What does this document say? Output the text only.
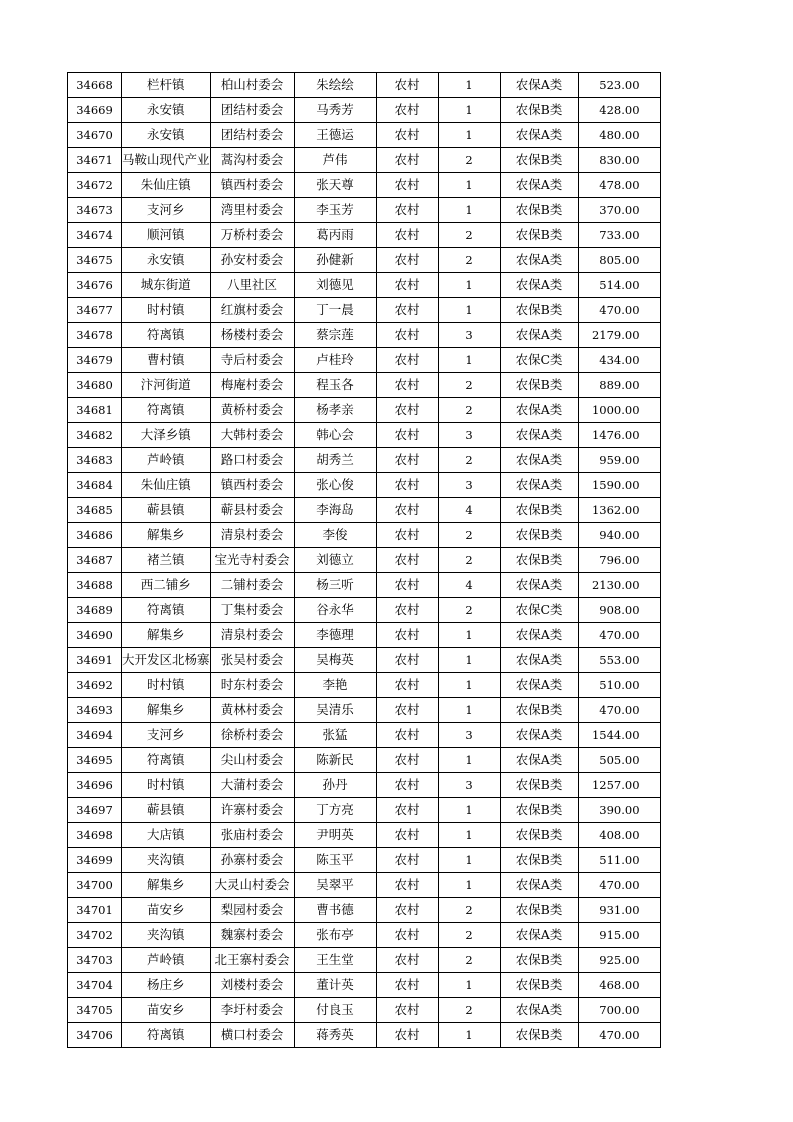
34668	栏杆镇	柏山村委会	朱绘绘	农村	1	农保A类	523.00
34669	永安镇	团结村委会	马秀芳	农村	1	农保B类	428.00
34670	永安镇	团结村委会	王德运	农村	1	农保A类	480.00
34671	马鞍山现代产业	蒿沟村委会	芦伟	农村	2	农保B类	830.00
34672	朱仙庄镇	镇西村委会	张天尊	农村	1	农保A类	478.00
34673	支河乡	湾里村委会	李玉芳	农村	1	农保B类	370.00
34674	顺河镇	万桥村委会	葛丙雨	农村	2	农保B类	733.00
34675	永安镇	孙安村委会	孙健新	农村	2	农保A类	805.00
34676	城东街道	八里社区	刘德见	农村	1	农保A类	514.00
34677	时村镇	红旗村委会	丁一晨	农村	1	农保B类	470.00
34678	符离镇	杨楼村委会	蔡宗莲	农村	3	农保A类	2179.00
34679	曹村镇	寺后村委会	卢桂玲	农村	1	农保C类	434.00
34680	汴河街道	梅庵村委会	程玉各	农村	2	农保B类	889.00
34681	符离镇	黄桥村委会	杨孝亲	农村	2	农保A类	1000.00
34682	大泽乡镇	大韩村委会	韩心会	农村	3	农保A类	1476.00
34683	芦岭镇	路口村委会	胡秀兰	农村	2	农保A类	959.00
34684	朱仙庄镇	镇西村委会	张心俊	农村	3	农保A类	1590.00
34685	蕲县镇	蕲县村委会	李海岛	农村	4	农保B类	1362.00
34686	解集乡	清泉村委会	李俊	农村	2	农保B类	940.00
34687	褚兰镇	宝光寺村委会	刘德立	农村	2	农保B类	796.00
34688	西二铺乡	二铺村委会	杨三听	农村	4	农保A类	2130.00
34689	符离镇	丁集村委会	谷永华	农村	2	农保C类	908.00
34690	解集乡	清泉村委会	李德理	农村	1	农保A类	470.00
34691	大开发区北杨寨	张吴村委会	吴梅英	农村	1	农保A类	553.00
34692	时村镇	时东村委会	李艳	农村	1	农保A类	510.00
34693	解集乡	黄林村委会	吴清乐	农村	1	农保B类	470.00
34694	支河乡	徐桥村委会	张猛	农村	3	农保A类	1544.00
34695	符离镇	尖山村委会	陈新民	农村	1	农保A类	505.00
34696	时村镇	大蒲村委会	孙丹	农村	3	农保B类	1257.00
34697	蕲县镇	许寨村委会	丁方亮	农村	1	农保B类	390.00
34698	大店镇	张庙村委会	尹明英	农村	1	农保B类	408.00
34699	夹沟镇	孙寨村委会	陈玉平	农村	1	农保B类	511.00
34700	解集乡	大灵山村委会	吴翠平	农村	1	农保A类	470.00
34701	苗安乡	梨园村委会	曹书德	农村	2	农保B类	931.00
34702	夹沟镇	魏寨村委会	张布亭	农村	2	农保A类	915.00
34703	芦岭镇	北王寨村委会	王生堂	农村	2	农保B类	925.00
34704	杨庄乡	刘楼村委会	董计英	农村	1	农保B类	468.00
34705	苗安乡	李圩村委会	付良玉	农村	2	农保A类	700.00
34706	符离镇	横口村委会	蒋秀英	农村	1	农保B类	470.00
